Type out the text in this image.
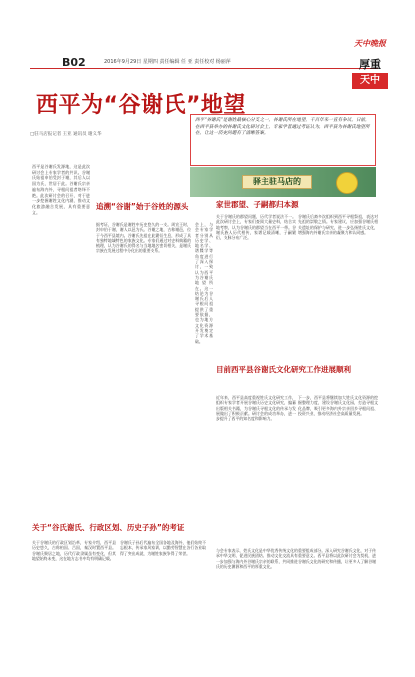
B02	2016年9月29日 星期四 责任编辑 任 亚 责任校对 杨丽萍
天中晚报
厚重
天中
西平为“谷谢氏”地望
□驻马店报记者 王亚 通讯员 谢义华
西平“谷谢氏”是谢姓最核心分支之一，谷谢氏所在地望，千百年来一直有争议。日前，在西平县举办的谷谢氏文化研讨会上，专家学者通过考证认为，西平县为谷谢氏地望所在，让这一历史问题有了清晰答案。
驿主驻马店的
西平是谷谢氏发源地，这是此次研讨会上专家学者的共识。谷谢氏始祖申伯受封于谢，其后人以国为氏，世居于此。谷谢氏宗亲遍布海内外，寻根问祖者络绎不绝。此次研讨会的召开，对于进一步挖掘谢姓文化内涵，推动文化旅游融合发展，具有重要意义。
追溯“谷谢”始于谷姓的源头
据考证，谷谢氏是谢姓中历史悠久的一支。周宣王时，封申伯于谢，谢人以邑为氏。谷谢之地，古称谢邑，位于今西平县境内。谷谢氏先祖在此繁衍生息，形成了具有独特地域特色的家族文化。专家们通过对史料典籍的梳理，认为谷谢氏的得名与当地地名密切相关，是谢氏宗族在发展过程中分化出的重要支系。
会上，与会专家学者分别从历史学、地名学、谱牒学等角度进行了深入探讨，一致认为西平为谷谢氏地望所在。这一结论为谷谢氏后人寻根问祖提供了重要依据，也为地方文化资源开发奠定了学术基础。
家世郡望、子嗣都归本源
关于谷谢氏的郡望问题，历代学者说法不一。此次研讨会上，专家们查阅大量史料，结合实地考察，认为谷谢氏的郡望当在西平一带。谷谢氏族人历代相传，家谱记载清晰，子嗣繁衍，支脉分布广泛。
谷谢氏后裔多次组织到西平寻根祭祖，表达对先祖的崇敬之情。专家建议，应加强谷谢氏相关遗址的保护与研究，进一步弘扬姓氏文化，增强海内外谢氏宗亲的凝聚力和认同感。
目前西平县谷谢氏文化研究工作进展顺利
近年来，西平县高度重视姓氏文化研究工作，组织专家学者开展谷谢氏历史文化研究，编纂出版相关书籍，为谷谢氏寻根文化的传承与发展做出了积极贡献。研讨会的成功举办，进一步提升了西平的知名度和影响力。
下一步，西平县将继续加大姓氏文化资源的挖掘整理力度，建设谷谢氏文化园，打造寻根文化品牌，吸引更多海内外宗亲回乡寻根问祖、投资兴业，推动经济社会高质量发展。
关于“谷氏谢氏、行政区划、历史子孙”的考证
关于谷谢氏的行政区划沿革，专家介绍，西平县历史悠久，古称柏国、吕国，秦汉时置西平县。谷谢氏聚居之地，历代行政隶属虽有变化，但其地望始终未变，这在地方志书中均有明确记载。
谷谢氏子孙后代遍布全国各地及海外，他们始终不忘根本，传承家风家训，以勤劳智慧在各行各业取得了突出成就，为谢姓家族争得了荣誉。
与会专家表示，姓氏文化是中华优秀传统文化的重要组成部分。深入研究谷谢氏文化，对于传承中华文明、促进民族团结、推动文化交流具有重要意义。西平县将以此次研讨会为契机，进一步加强与海内外谷谢氏宗亲的联系，共同推进谷谢氏文化的研究和传播，让更多人了解谷谢氏的历史渊源和西平的厚重文化。
